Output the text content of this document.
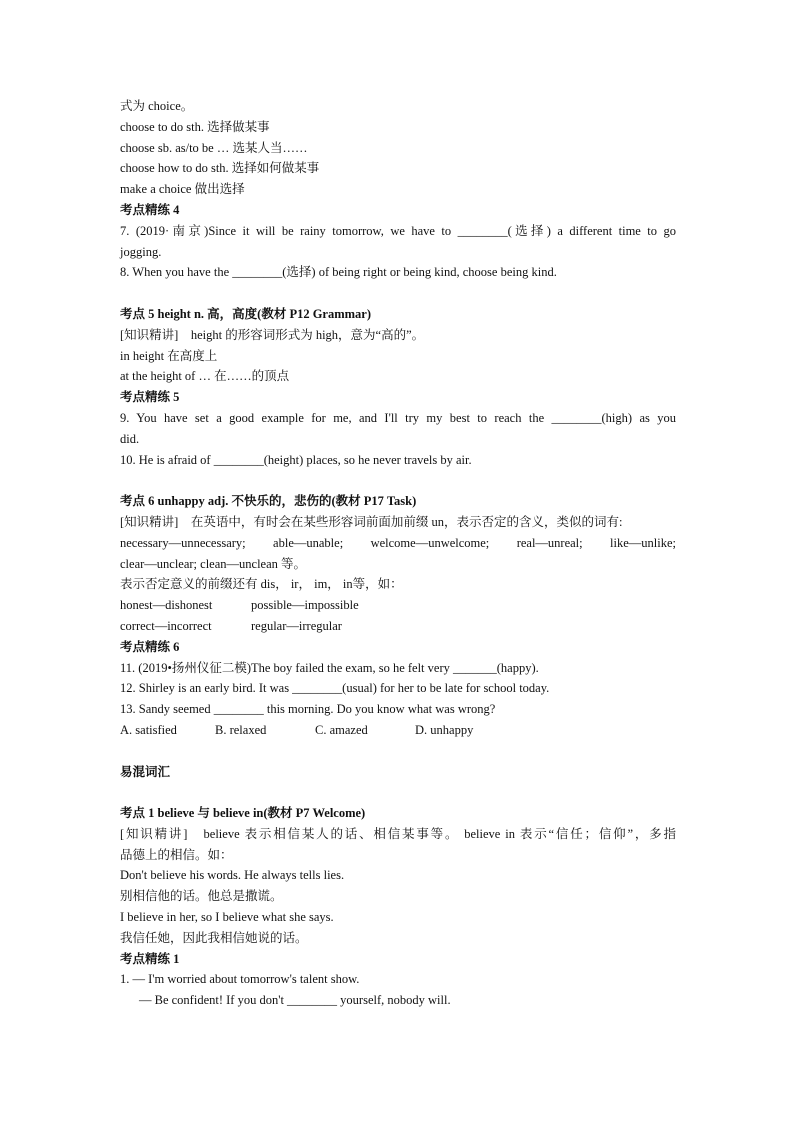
式为 choice。
choose to do sth. 选择做某事
choose sb. as/to be … 选某人当……
choose how to do sth. 选择如何做某事
make a choice 做出选择
考点精练 4
7. (2019·南京)Since it will be rainy tomorrow, we have to ________(选择) a different time to go
jogging.
8. When you have the ________(选择) of being right or being kind, choose being kind.
考点 5 height n. 高，高度(教材 P12 Grammar)
[知识精讲]　height 的形容词形式为 high，意为“高的”。
in height 在高度上
at the height of … 在……的顶点
考点精练 5
9. You have set a good example for me, and I'll try my best to reach the ________(high) as you
did.
10. He is afraid of ________(height) places, so he never travels by air.
考点 6 unhappy adj. 不快乐的，悲伤的(教材 P17 Task)
[知识精讲]　在英语中，有时会在某些形容词前面加前缀 un，表示否定的含义，类似的词有:
necessary—unnecessary; able—unable; welcome—unwelcome; real—unreal; like—unlike;
clear—unclear; clean—unclean 等。
表示否定意义的前缀还有 dis， ir， im， in等，如：
honest—dishonest	possible—impossible
correct—incorrect	regular—irregular
考点精练 6
11. (2019•扬州仪征二模)The boy failed the exam, so he felt very _______(happy).
12. Shirley is an early bird. It was ________(usual) for her to be late for school today.
13. Sandy seemed ________ this morning. Do you know what was wrong?
A. satisfied	B. relaxed	C. amazed	D. unhappy
易混词汇
考点 1 believe 与 believe in(教材 P7 Welcome)
[知识精讲]　believe 表示相信某人的话、相信某事等。 believe in 表示“信任；信仰”，多指
品德上的相信。如：
Don't believe his words. He always tells lies.
别相信他的话。他总是撒谎。
I believe in her, so I believe what she says.
我信任她，因此我相信她说的话。
考点精练 1
1. — I'm worried about tomorrow's talent show.
— Be confident! If you don't ________ yourself, nobody will.
